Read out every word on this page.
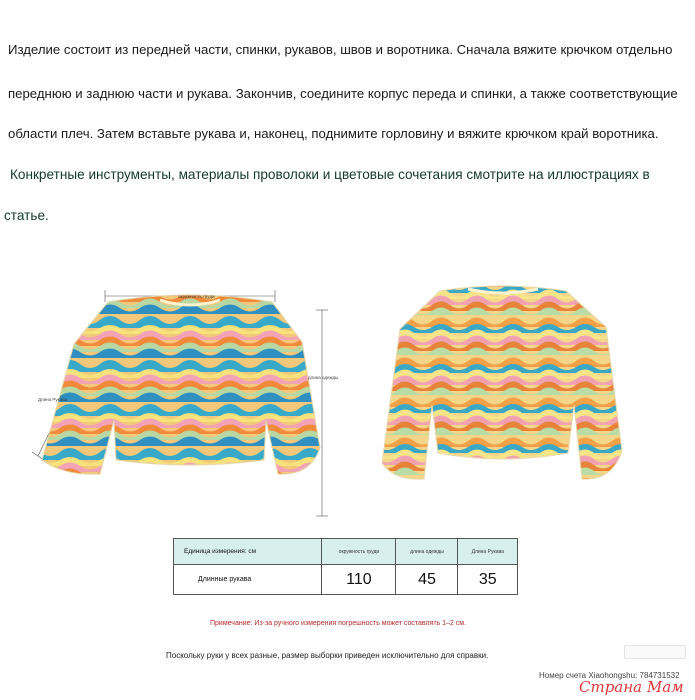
Изделие состоит из передней части, спинки, рукавов, швов и воротника. Сначала вяжите крючком отдельно

переднюю и заднюю части и рукава. Закончив, соедините корпус переда и спинки, а также соответствующие

области плеч. Затем вставьте рукава и, наконец, поднимите горловину и вяжите крючком край воротника.

Конкретные инструменты, материалы проволоки и цветовые сочетания смотрите на иллюстрациях в

статье.

окружность груди
длина одежды
Длина Рукава
Единица измерения: см	окружность груди	длина одежды	Длина Рукава
Длинные рукава	110	45	35

Примечание: Из-за ручного измерения погрешность может составлять 1–2 см.

Поскольку руки у всех разные, размер выборки приведен исключительно для справки.

Номер счета Xiaohongshu: 784731532

Страна Мам
